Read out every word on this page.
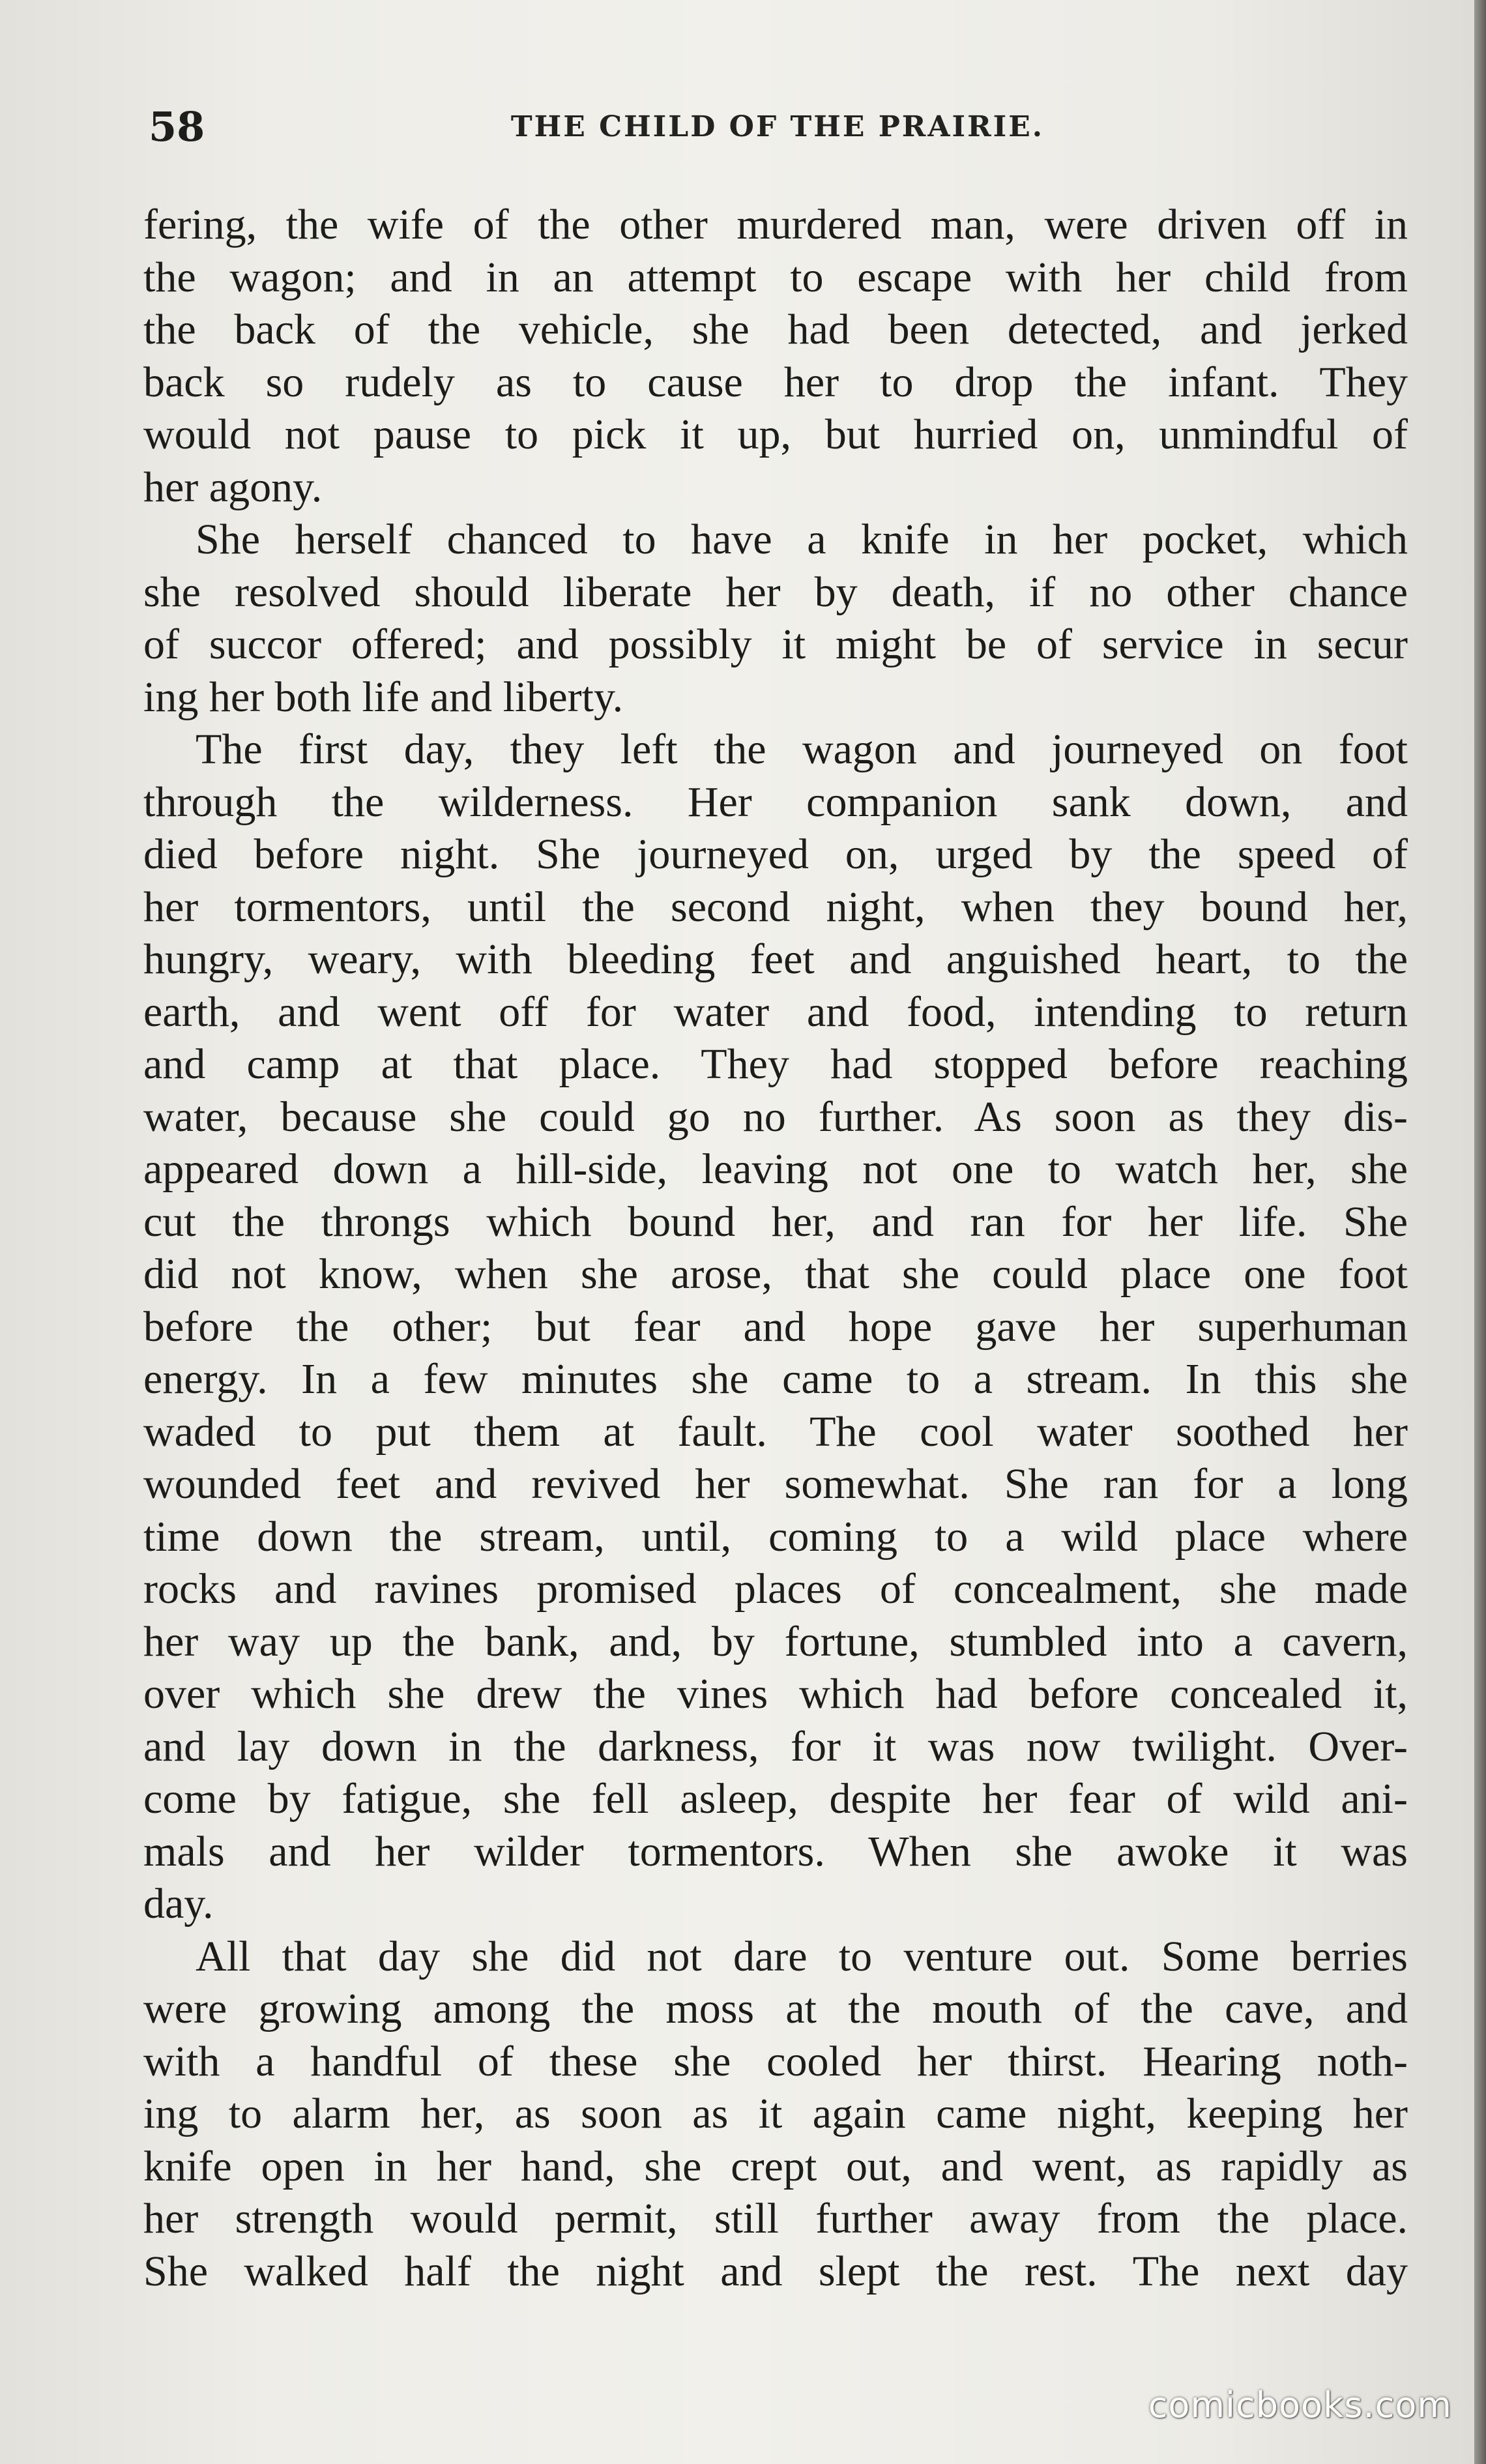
58	THE CHILD OF THE PRAIRIE.
fering, the wife of the other murdered man, were driven off in
the wagon; and in an attempt to escape with her child from
the back of the vehicle, she had been detected, and jerked
back so rudely as to cause her to drop the infant. They
would not pause to pick it up, but hurried on, unmindful of
her agony.
She herself chanced to have a knife in her pocket, which
she resolved should liberate her by death, if no other chance
of succor offered; and possibly it might be of service in secur
ing her both life and liberty.
The first day, they left the wagon and journeyed on foot
through the wilderness. Her companion sank down, and
died before night. She journeyed on, urged by the speed of
her tormentors, until the second night, when they bound her,
hungry, weary, with bleeding feet and anguished heart, to the
earth, and went off for water and food, intending to return
and camp at that place. They had stopped before reaching
water, because she could go no further. As soon as they dis-
appeared down a hill-side, leaving not one to watch her, she
cut the throngs which bound her, and ran for her life. She
did not know, when she arose, that she could place one foot
before the other; but fear and hope gave her superhuman
energy. In a few minutes she came to a stream. In this she
waded to put them at fault. The cool water soothed her
wounded feet and revived her somewhat. She ran for a long
time down the stream, until, coming to a wild place where
rocks and ravines promised places of concealment, she made
her way up the bank, and, by fortune, stumbled into a cavern,
over which she drew the vines which had before concealed it,
and lay down in the darkness, for it was now twilight. Over-
come by fatigue, she fell asleep, despite her fear of wild ani-
mals and her wilder tormentors. When she awoke it was
day.
All that day she did not dare to venture out. Some berries
were growing among the moss at the mouth of the cave, and
with a handful of these she cooled her thirst. Hearing noth-
ing to alarm her, as soon as it again came night, keeping her
knife open in her hand, she crept out, and went, as rapidly as
her strength would permit, still further away from the place.
She walked half the night and slept the rest. The next day
comicbooks.com
